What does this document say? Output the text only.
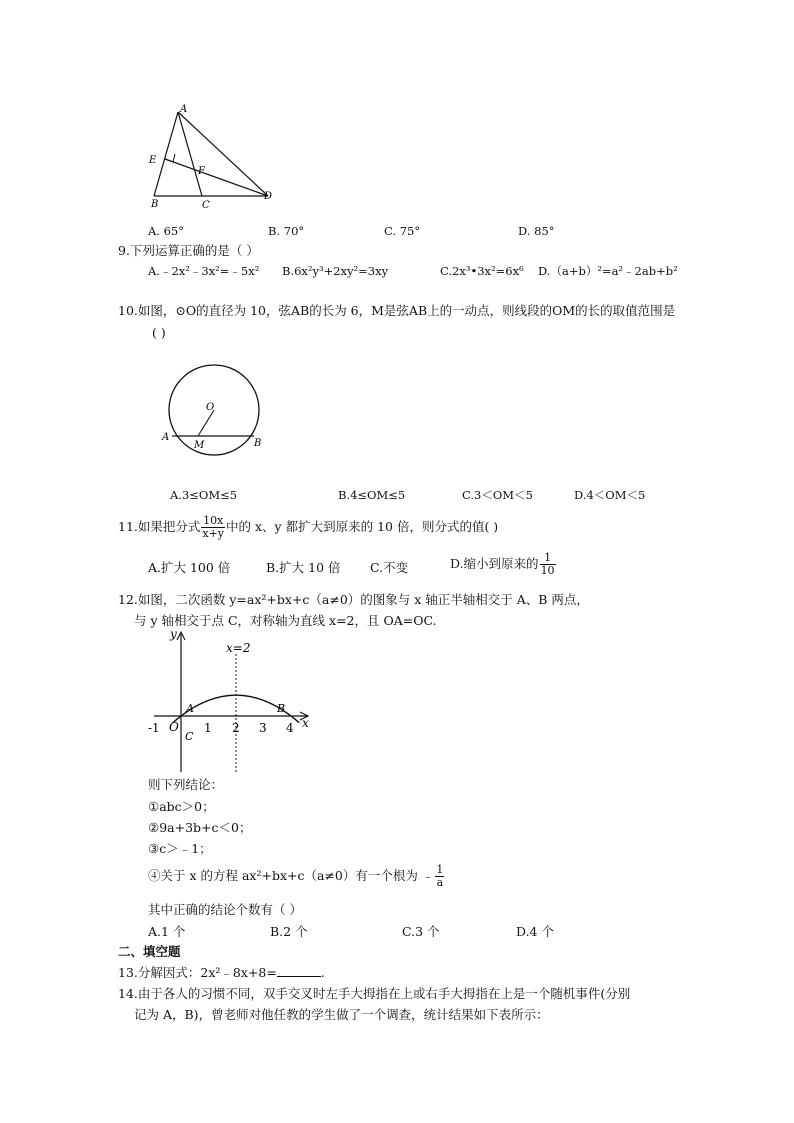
A
E
F
B	C
D
A. 65°	B. 70°	C. 75°	D. 85°
9.下列运算正确的是（ ）
A.﹣2x²﹣3x²=﹣5x² B.6x²y³+2xy²=3xy	C.2x³•3x²=6x⁶ D.（a+b）²=a²﹣2ab+b²
10.如图，⊙O的直径为 10，弦AB的长为 6，M是弦AB上的一动点，则线段的OM的长的取值范围是
( )
O
A
M	B
A.3≤OM≤5	B.4≤OM≤5	C.3＜OM＜5	D.4＜OM＜5
11.如果把分式 $\frac{10x}{x+y}$ 中的 x、y 都扩大到原来的 10 倍，则分式的值( )
A.扩大 100 倍	B.扩大 10 倍 C.不变	D.缩小到原来的 $\frac{1}{10}$
12.如图，二次函数 y=ax²+bx+c（a≠0）的图象与 x 轴正半轴相交于 A、B 两点，
与 y 轴相交于点 C，对称轴为直线 x=2，且 OA=OC.
y
x
x=2
A	B
C
O
-1	1 2 3 4
则下列结论：
①abc＞0；
②9a+3b+c＜0；
③c＞﹣1；
④关于 x 的方程 ax²+bx+c（a≠0）有一个根为 ﹣ $\frac{1}{a}$
其中正确的结论个数有（ ）
A.1 个	B.2 个	C.3 个	D.4 个
二、填空题
13.分解因式：2x²﹣8x+8=	.
14.由于各人的习惯不同，双手交叉时左手大拇指在上或右手大拇指在上是一个随机事件(分别
记为 A，B)，曾老师对他任教的学生做了一个调查，统计结果如下表所示：
